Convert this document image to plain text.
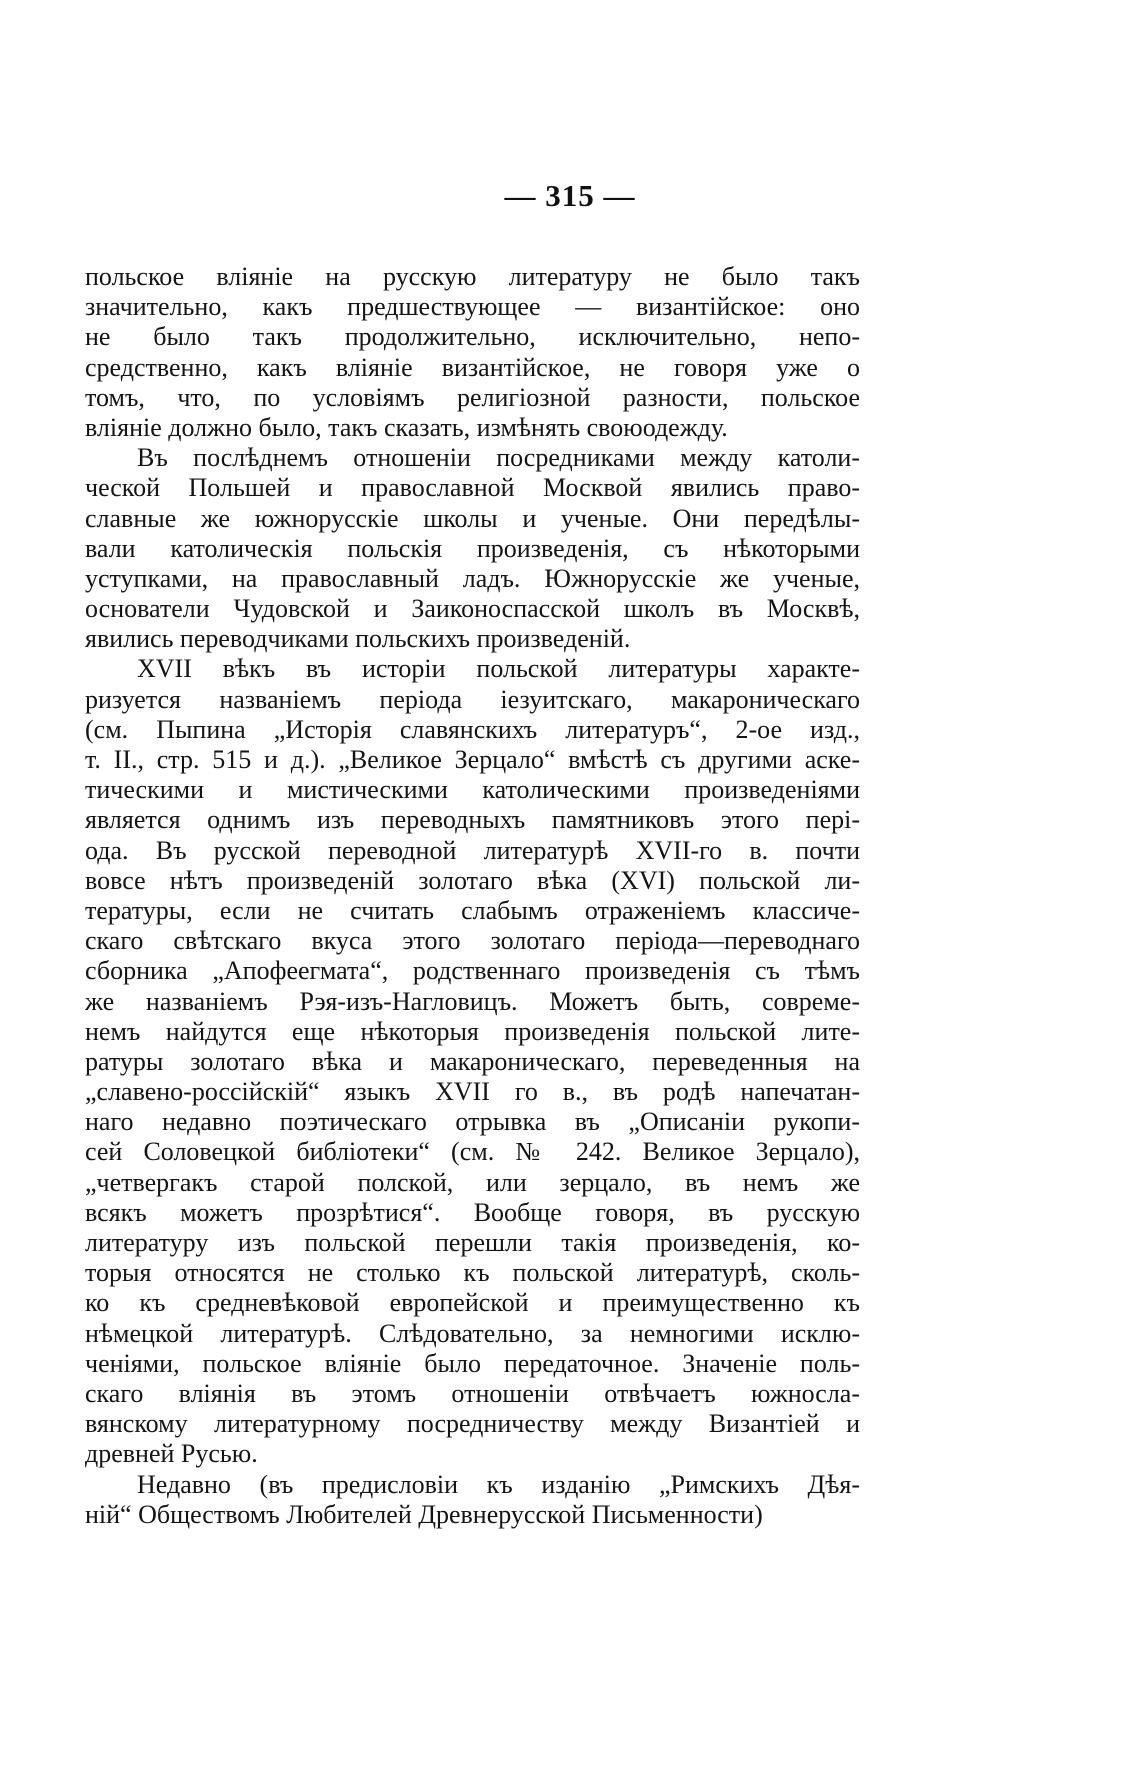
— 315 —
польское вліяніе на русскую литературу не было такъ
значительно, какъ предшествующее — византійское: оно
не было такъ продолжительно, исключительно, непо-
средственно, какъ вліяніе византійское, не говоря уже о
томъ, что, по условіямъ религіозной разности, польское
вліяніе должно было, такъ сказать, измѣнять своюодежду.
Въ послѣднемъ отношеніи посредниками между католи-
ческой Польшей и православной Москвой явились право-
славные же южнорусскіе школы и ученые. Они передѣлы-
вали католическія польскія произведенія, съ нѣкоторыми
уступками, на православный ладъ. Южнорусскіе же ученые,
основатели Чудовской и Заиконоспасской школъ въ Москвѣ,
явились переводчиками польскихъ произведеній.
XVII вѣкъ въ исторіи польской литературы характе-
ризуется названіемъ періода іезуитскаго, макароническаго
(см. Пыпина „Исторія славянскихъ литературъ“, 2-ое изд.,
т. II., стр. 515 и д.). „Великое Зерцало“ вмѣстѣ съ другими аске-
тическими и мистическими католическими произведеніями
является однимъ изъ переводныхъ памятниковъ этого пері-
ода. Въ русской переводной литературѣ XVII-го в. почти
вовсе нѣтъ произведеній золотаго вѣка (XVI) польской ли-
тературы, если не считать слабымъ отраженіемъ классиче-
скаго свѣтскаго вкуса этого золотаго періода—переводнаго
сборника „Апофеегмата“, родственнаго произведенія съ тѣмъ
же названіемъ Рэя-изъ-Нагловицъ. Можетъ быть, совреме-
немъ найдутся еще нѣкоторыя произведенія польской лите-
ратуры золотаго вѣка и макароническаго, переведенныя на
„славено-россійскій“ языкъ XVII го в., въ родѣ напечатан-
наго недавно поэтическаго отрывка въ „Описаніи рукопи-
сей Соловецкой библіотеки“ (см. № 242. Великое Зерцало),
„четвергакъ старой полской, или зерцало, въ немъ же
всякъ можетъ прозрѣтися“. Вообще говоря, въ русскую
литературу изъ польской перешли такія произведенія, ко-
торыя относятся не столько къ польской литературѣ, сколь-
ко къ средневѣковой европейской и преимущественно къ
нѣмецкой литературѣ. Слѣдовательно, за немногими исклю-
ченіями, польское вліяніе было передаточное. Значеніе поль-
скаго вліянія въ этомъ отношеніи отвѣчаетъ южносла-
вянскому литературному посредничеству между Византіей и
древней Русью.
Недавно (въ предисловіи къ изданію „Римскихъ Дѣя-
ній“ Обществомъ Любителей Древнерусской Письменности)
